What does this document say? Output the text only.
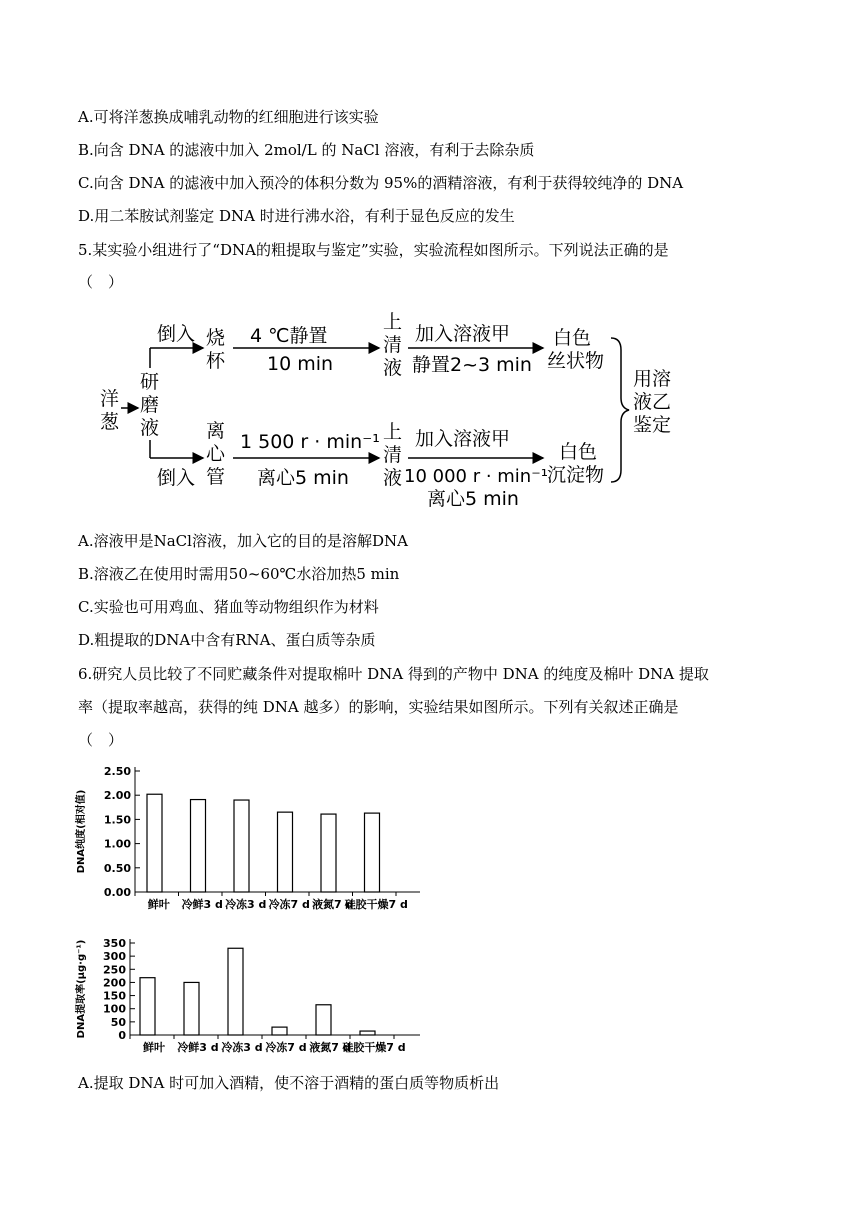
A.可将洋葱换成哺乳动物的红细胞进行该实验
B.向含 DNA 的滤液中加入 2mol/L 的 NaCl 溶液，有利于去除杂质
C.向含 DNA 的滤液中加入预冷的体积分数为 95%的酒精溶液，有利于获得较纯净的 DNA
D.用二苯胺试剂鉴定 DNA 时进行沸水浴，有利于显色反应的发生
5.某实验小组进行了“DNA的粗提取与鉴定”实验，实验流程如图所示。下列说法正确的是
（　）
洋
葱
研
磨
液
倒入
倒入
烧
杯
4 ℃静置
10 min
上
清
液
加入溶液甲
静置2~3 min
白色
丝状物
离
心
管
1 500 r · min⁻¹
离心5 min
上
清
液
加入溶液甲
10 000 r · min⁻¹
离心5 min
白色
沉淀物
用溶
液乙
鉴定
A.溶液甲是NaCl溶液，加入它的目的是溶解DNA
B.溶液乙在使用时需用50~60℃水浴加热5 min
C.实验也可用鸡血、猪血等动物组织作为材料
D.粗提取的DNA中含有RNA、蛋白质等杂质
6.研究人员比较了不同贮藏条件对提取棉叶 DNA 得到的产物中 DNA 的纯度及棉叶 DNA 提取
率（提取率越高，获得的纯 DNA 越多）的影响，实验结果如图所示。下列有关叙述正确是
（　）
0.00
0.50
1.00
1.50
2.00
2.50
鲜叶 冷鲜3 d 冷冻3 d 冷冻7 d 液氮7 d
硅胶干燥7 d
DNA纯度(相对值)
0
50
100
150
200
250
300
350
鲜叶 冷鲜3 d 冷冻3 d 冷冻7 d 液氮7 d
硅胶干燥7 d
DNA提取率(μg·g⁻¹)
A.提取 DNA 时可加入酒精，使不溶于酒精的蛋白质等物质析出
